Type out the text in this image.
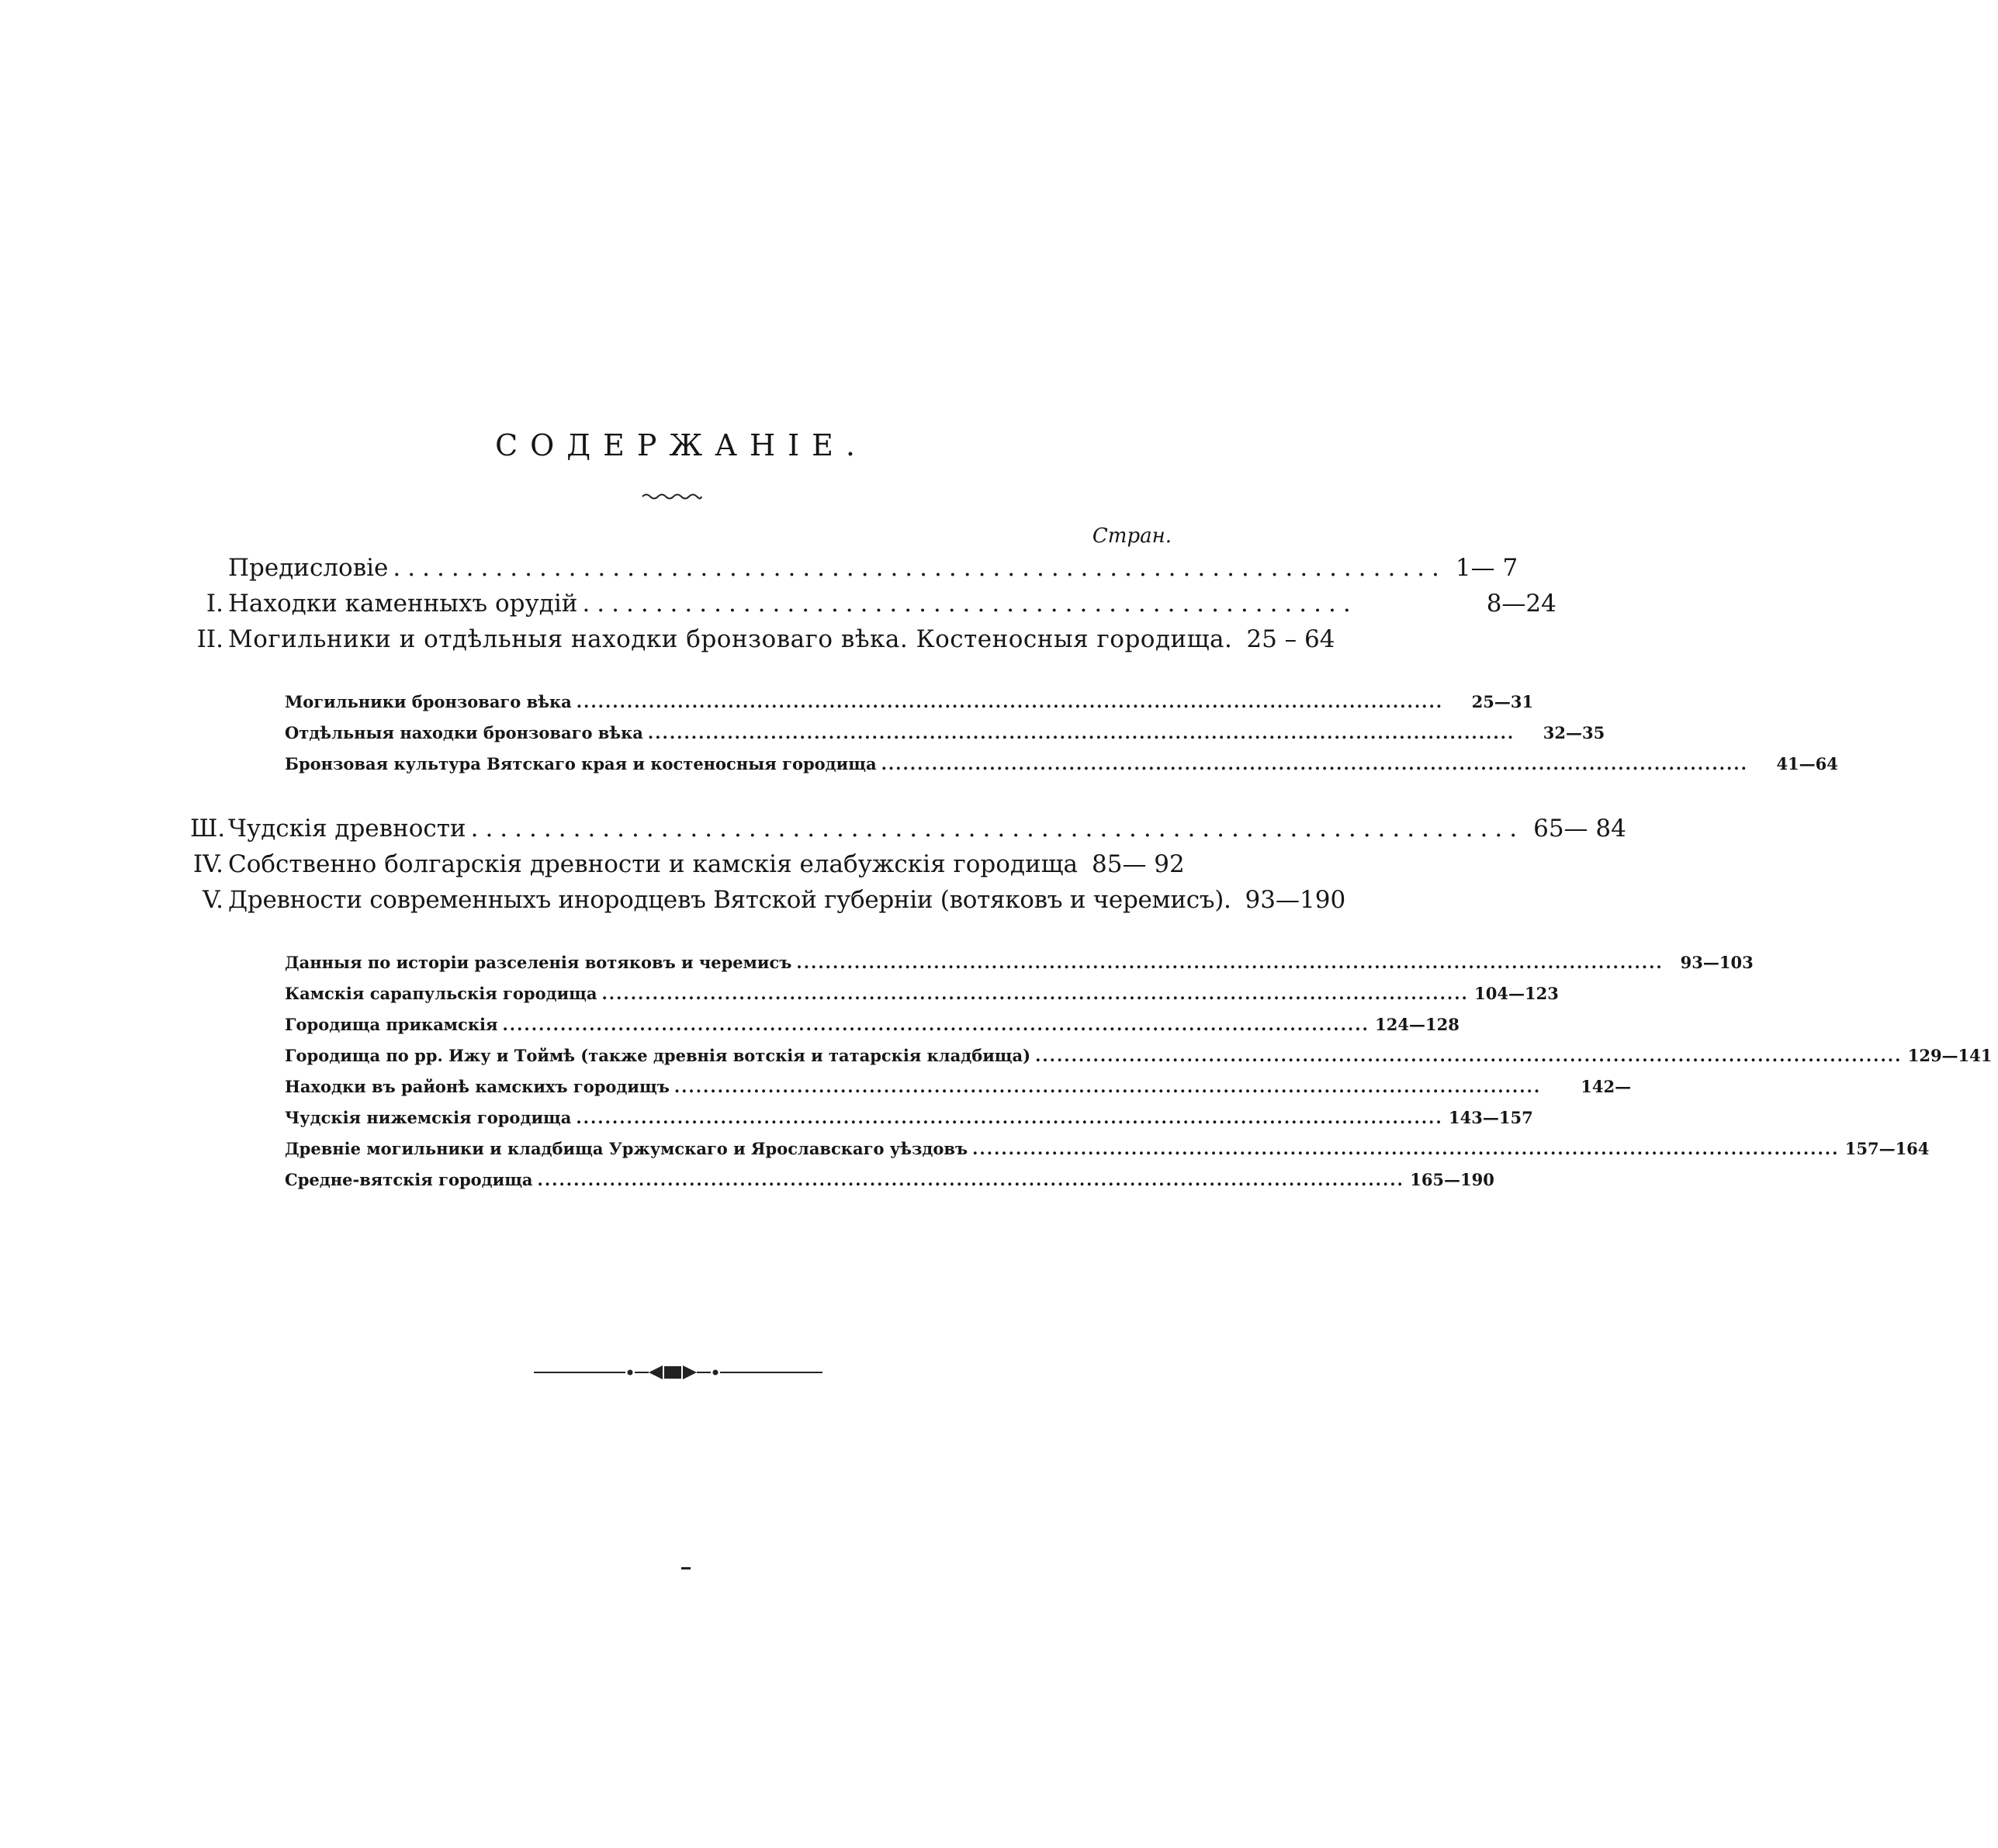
СОДЕРЖАНІЕ.
Стран.
Предисловіе ........................................................................ 1— 7
I. Находки каменныхъ орудій .....................................................	8—24
II. Могильники и отдѣльныя находки бронзоваго вѣка. Костеносныя городища. 25 – 64
Могильники бронзоваго вѣка ........................................................................................................................	25—31
Отдѣльныя находки бронзоваго вѣка ........................................................................................................................	32—35
Бронзовая культура Вятскаго края и костеносныя городища ........................................................................................................................	41—64
Ш. Чудскія древности ........................................................................ 65— 84
IV. Собственно болгарскія древности и камскія елабужскія городища 85— 92
V. Древности современныхъ инородцевъ Вятской губерніи (вотяковъ и черемисъ). 93—190
Данныя по исторіи разселенія вотяковъ и черемисъ ........................................................................................................................	93—103
Камскія сарапульскія городища ........................................................................................................................ 104—123
Городища прикамскія ........................................................................................................................ 124—128
Городища по рр. Ижу и Тоймѣ (также древнія вотскія и татарскія кладбища) ........................................................................................................................ 129—141
Находки въ районѣ камскихъ городищъ ........................................................................................................................	142—
Чудскія нижемскія городища ........................................................................................................................ 143—157
Древніе могильники и кладбища Уржумскаго и Ярославскаго уѣздовъ ........................................................................................................................ 157—164
Средне-вятскія городища ........................................................................................................................ 165—190
